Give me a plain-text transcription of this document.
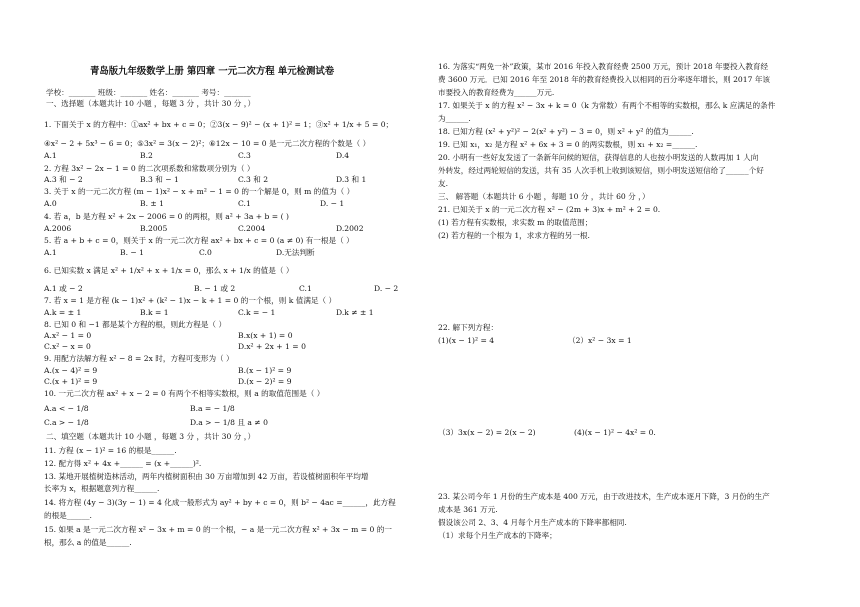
青岛版九年级数学上册 第四章 一元二次方程 单元检测试卷
学校：_______ 班级：_______ 姓名：_______ 考号：_______
一、选择题（本题共计 10 小题 ，每题 3 分 ，共计 30 分 ，）
1. 下面关于 x 的方程中：①ax² + bx + c = 0；②3(x − 9)² − (x + 1)² = 1；③x² + 1/x + 5 = 0；
④x² − 2 + 5x³ − 6 = 0；⑤3x² = 3(x − 2)²；⑥12x − 10 = 0 是一元二次方程的个数是（ ）
A.1	B.2	C.3	D.4
2. 方程 3x² − 2x − 1 = 0 的二次项系数和常数项分别为（ ）
A.3 和 − 2	B.3 和 − 1	C.3 和 2	D.3 和 1
3. 关于 x 的一元二次方程 (m − 1)x² − x + m² − 1 = 0 的一个解是 0，则 m 的值为（ ）
A.0	B. ± 1	C.1	D. − 1
4. 若 a，b 是方程 x² + 2x − 2006 = 0 的两根，则 a² + 3a + b = ( )
A.2006	B.2005	C.2004	D.2002
5. 若 a + b + c = 0，则关于 x 的一元二次方程 ax² + bx + c = 0 (a ≠ 0) 有一根是（ ）
A.1	B. − 1	C.0	D.无法判断
6. 已知实数 x 满足 x² + 1/x² + x + 1/x = 0，那么 x + 1/x 的值是（ ）
A.1 或 − 2	B. − 1 或 2	C.1	D. − 2
7. 若 x = 1 是方程 (k − 1)x² + (k² − 1)x − k + 1 = 0 的一个根，则 k 值满足（ ）
A.k = ± 1	B.k = 1	C.k = − 1	D.k ≠ ± 1
8. 已知 0 和 −1 都是某个方程的根，则此方程是（ ）
A.x² − 1 = 0	B.x(x + 1) = 0
C.x² − x = 0	D.x² + 2x + 1 = 0
9. 用配方法解方程 x² − 8 = 2x 时，方程可变形为（ ）
A.(x − 4)² = 9	B.(x − 1)² = 9
C.(x + 1)² = 9	D.(x − 2)² = 9
10. 一元二次方程 ax² + x − 2 = 0 有两个不相等实数根，则 a 的取值范围是（ ）
A.a < − 1/8	B.a = − 1/8
C.a > − 1/8	D.a > − 1/8 且 a ≠ 0
二、填空题（本题共计 10 小题 ，每题 3 分 ，共计 30 分 ，）
11. 方程 (x − 1)² = 16 的根是______.
12. 配方得 x² + 4x +______ = (x +______)².
13. 某地开展植树造林活动，两年内植树面积由 30 万亩增加到 42 万亩，若设植树面积年平均增
长率为 x，根据题意列方程______.
14. 将方程 (4y − 3)(3y − 1) = 4 化成一般形式为 ay² + by + c = 0，则 b² − 4ac =______，此方程
的根是______.
15. 如果 a 是一元二次方程 x² − 3x + m = 0 的一个根，− a 是一元二次方程 x² + 3x − m = 0 的一
根，那么 a 的值是______.
16. 为落实“两免一补”政策，某市 2016 年投入教育经费 2500 万元，预计 2018 年要投入教育经
费 3600 万元．已知 2016 年至 2018 年的教育经费投入以相同的百分率逐年增长，则 2017 年该
市要投入的教育经费为______万元.
17. 如果关于 x 的方程 x² − 3x + k = 0（k 为常数）有两个不相等的实数根，那么 k 应满足的条件
为______.
18. 已知方程 (x² + y²)² − 2(x² + y²) − 3 = 0，则 x² + y² 的值为______.
19. 已知 x₁，x₂ 是方程 x² + 6x + 3 = 0 的两实数根，则 x₁ + x₂ =______.
20. 小明有一些好友发送了一条新年问候的短信，获得信息的人也按小明发送的人数再加 1 人向
外转发，经过两轮短信的发送，共有 35 人次手机上收到该短信，则小明发送短信给了______个好
友.
三、 解答题（本题共计 6 小题 ，每题 10 分 ，共计 60 分 ，）
21. 已知关于 x 的一元二次方程 x² − (2m + 3)x + m² + 2 = 0.
(1) 若方程有实数根，求实数 m 的取值范围；
(2) 若方程的一个根为 1，求求方程的另一根.
22. 解下列方程：
(1)(x − 1)² = 4	（2）x² − 3x = 1
（3）3x(x − 2) = 2(x − 2)	(4)(x − 1)² − 4x² = 0.
23. 某公司今年 1 月份的生产成本是 400 万元，由于改进技术，生产成本逐月下降，3 月份的生产
成本是 361 万元.
假设该公司 2、3、4 月每个月生产成本的下降率都相同.
（1）求每个月生产成本的下降率；
